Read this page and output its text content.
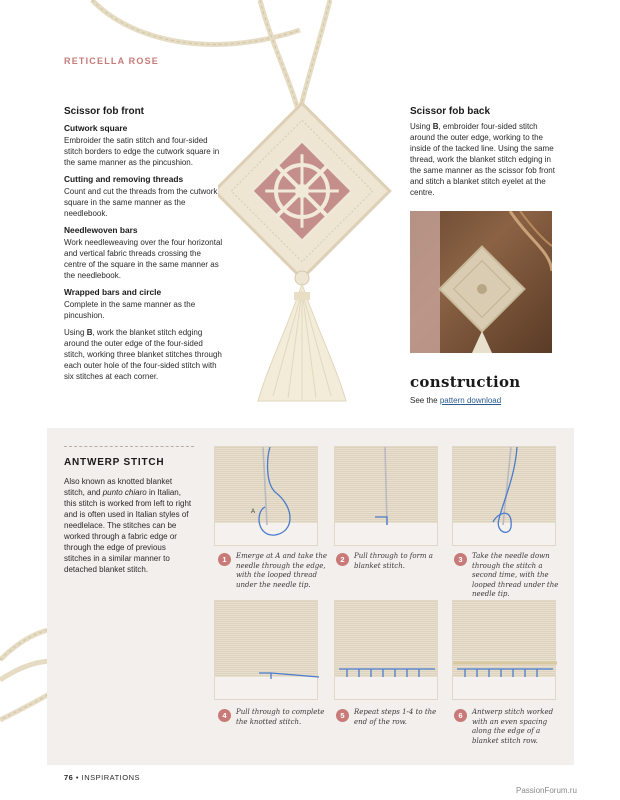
RETICELLA ROSE
Scissor fob front
Cutwork square

Embroider the satin stitch and four-sided stitch borders to edge the cutwork square in the same manner as the pincushion.

Cutting and removing threads

Count and cut the threads from the cutwork square in the same manner as the needlebook.

Needlewoven bars

Work needleweaving over the four horizontal and vertical fabric threads crossing the centre of the square in the same manner as the needlebook.

Wrapped bars and circle

Complete in the same manner as the pincushion.

Using B, work the blanket stitch edging around the outer edge of the four-sided stitch, working three blanket stitches through each outer hole of the four-sided stitch with six stitches at each corner.

Scissor fob back

Using B, embroider four-sided stitch around the outer edge, working to the inside of the tacked line. Using the same thread, work the blanket stitch edging in the same manner as the scissor fob front and stitch a blanket stitch eyelet at the centre.

construction

See the pattern download

ANTWERP STITCH
Also known as knotted blanket stitch, and punto chiaro in Italian, this stitch is worked from left to right and is often used in Italian styles of needlelace. The stitches can be worked through a fabric edge or through the edge of previous stitches in a similar manner to detached blanket stitch.
A
1	Emerge at A and take the needle through the edge, with the looped thread under the needle tip.
2	Pull through to form a blanket stitch.
3	Take the needle down through the stitch a second time, with the looped thread under the needle tip.
4	Pull through to complete the knotted stitch.
5	Repeat steps 1-4 to the end of the row.
6	Antwerp stitch worked with an even spacing along the edge of a blanket stitch row.
76 • INSPIRATIONS
PassionForum.ru
